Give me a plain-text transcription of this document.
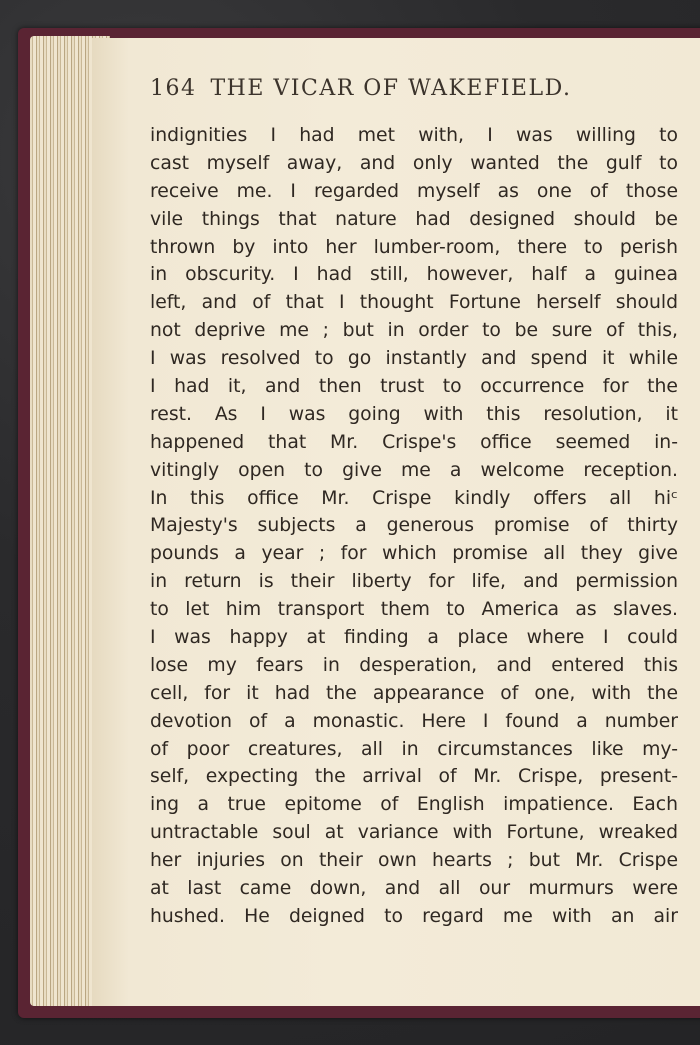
164 THE VICAR OF WAKEFIELD.
indignities I had met with, I was willing to
cast myself away, and only wanted the gulf to
receive me. I regarded myself as one of those
vile things that nature had designed should be
thrown by into her lumber-room, there to perish
in obscurity. I had still, however, half a guinea
left, and of that I thought Fortune herself should
not deprive me ; but in order to be sure of this,
I was resolved to go instantly and spend it while
I had it, and then trust to occurrence for the
rest. As I was going with this resolution, it
happened that Mr. Crispe's office seemed in-
vitingly open to give me a welcome reception.
In this office Mr. Crispe kindly offers all hiᶜ
Majesty's subjects a generous promise of thirty
pounds a year ; for which promise all they give
in return is their liberty for life, and permission
to let him transport them to America as slaves.
I was happy at finding a place where I could
lose my fears in desperation, and entered this
cell, for it had the appearance of one, with the
devotion of a monastic. Here I found a number
of poor creatures, all in circumstances like my-
self, expecting the arrival of Mr. Crispe, present-
ing a true epitome of English impatience. Each
untractable soul at variance with Fortune, wreaked
her injuries on their own hearts ; but Mr. Crispe
at last came down, and all our murmurs were
hushed. He deigned to regard me with an air
